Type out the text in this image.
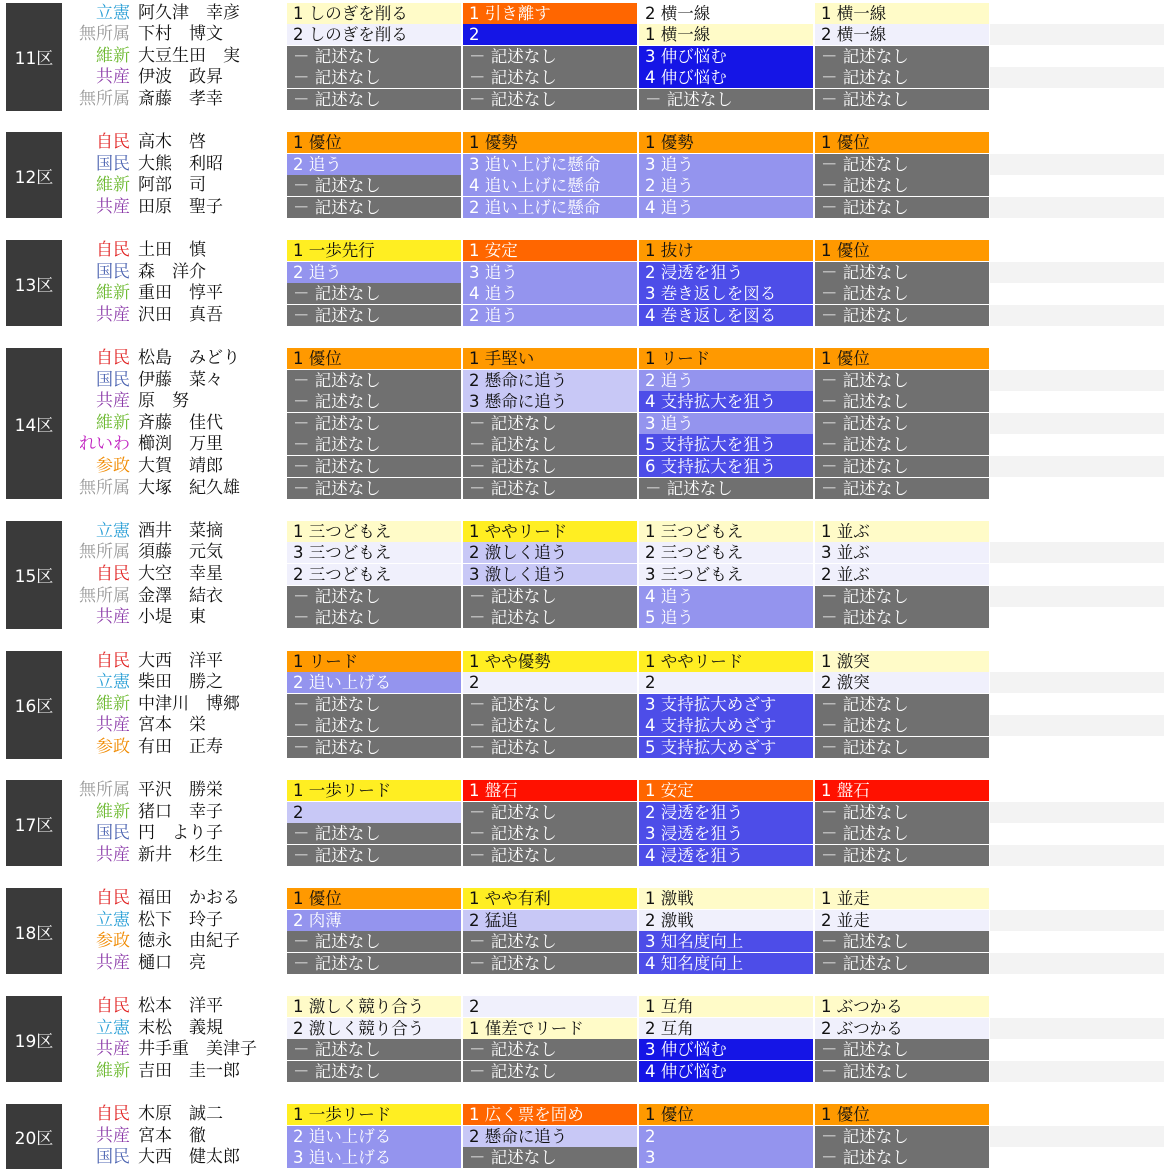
11区
立憲 阿久津　幸彦	1 しのぎを削る	1 引き離す	2 横一線	1 横一線
無所属 下村　博文	2 しのぎを削る	2	1 横一線	2 横一線
維新 大豆生田　実	－ 記述なし	－ 記述なし	3 伸び悩む	－ 記述なし
共産 伊波　政昇	－ 記述なし	－ 記述なし	4 伸び悩む	－ 記述なし
無所属 斎藤　孝幸	－ 記述なし	－ 記述なし	－ 記述なし	－ 記述なし
12区
自民 高木　啓	1 優位	1 優勢	1 優勢	1 優位
国民 大熊　利昭	2 追う	3 追い上げに懸命	3 追う	－ 記述なし
維新 阿部　司	－ 記述なし	4 追い上げに懸命	2 追う	－ 記述なし
共産 田原　聖子	－ 記述なし	2 追い上げに懸命	4 追う	－ 記述なし
13区
自民 土田　慎	1 一歩先行	1 安定	1 抜け	1 優位
国民 森　洋介	2 追う	3 追う	2 浸透を狙う	－ 記述なし
維新 重田　惇平	－ 記述なし	4 追う	3 巻き返しを図る	－ 記述なし
共産 沢田　真吾	－ 記述なし	2 追う	4 巻き返しを図る	－ 記述なし
14区
自民 松島　みどり	1 優位	1 手堅い	1 リード	1 優位
国民 伊藤　菜々	－ 記述なし	2 懸命に追う	2 追う	－ 記述なし
共産 原　努	－ 記述なし	3 懸命に追う	4 支持拡大を狙う	－ 記述なし
維新 斉藤　佳代	－ 記述なし	－ 記述なし	3 追う	－ 記述なし
れいわ 櫛渕　万里	－ 記述なし	－ 記述なし	5 支持拡大を狙う	－ 記述なし
参政 大賀　靖郎	－ 記述なし	－ 記述なし	6 支持拡大を狙う	－ 記述なし
無所属 大塚　紀久雄	－ 記述なし	－ 記述なし	－ 記述なし	－ 記述なし
15区
立憲 酒井　菜摘	1 三つどもえ	1 ややリード	1 三つどもえ	1 並ぶ
無所属 須藤　元気	3 三つどもえ	2 激しく追う	2 三つどもえ	3 並ぶ
自民 大空　幸星	2 三つどもえ	3 激しく追う	3 三つどもえ	2 並ぶ
無所属 金澤　結衣	－ 記述なし	－ 記述なし	4 追う	－ 記述なし
共産 小堤　東	－ 記述なし	－ 記述なし	5 追う	－ 記述なし
16区
自民 大西　洋平	1 リード	1 やや優勢	1 ややリード	1 激突
立憲 柴田　勝之	2 追い上げる	2	2	2 激突
維新 中津川　博郷	－ 記述なし	－ 記述なし	3 支持拡大めざす	－ 記述なし
共産 宮本　栄	－ 記述なし	－ 記述なし	4 支持拡大めざす	－ 記述なし
参政 有田　正寿	－ 記述なし	－ 記述なし	5 支持拡大めざす	－ 記述なし
17区
無所属 平沢　勝栄	1 一歩リード	1 盤石	1 安定	1 盤石
維新 猪口　幸子	2	－ 記述なし	2 浸透を狙う	－ 記述なし
国民 円　より子	－ 記述なし	－ 記述なし	3 浸透を狙う	－ 記述なし
共産 新井　杉生	－ 記述なし	－ 記述なし	4 浸透を狙う	－ 記述なし
18区
自民 福田　かおる	1 優位	1 やや有利	1 激戦	1 並走
立憲 松下　玲子	2 肉薄	2 猛追	2 激戦	2 並走
参政 徳永　由紀子	－ 記述なし	－ 記述なし	3 知名度向上	－ 記述なし
共産 樋口　亮	－ 記述なし	－ 記述なし	4 知名度向上	－ 記述なし
19区
自民 松本　洋平	1 激しく競り合う	2	1 互角	1 ぶつかる
立憲 末松　義規	2 激しく競り合う	1 僅差でリード	2 互角	2 ぶつかる
共産 井手重　美津子	－ 記述なし	－ 記述なし	3 伸び悩む	－ 記述なし
維新 吉田　圭一郎	－ 記述なし	－ 記述なし	4 伸び悩む	－ 記述なし
20区
自民 木原　誠二	1 一歩リード	1 広く票を固め	1 優位	1 優位
共産 宮本　徹	2 追い上げる	2 懸命に追う	2	－ 記述なし
国民 大西　健太郎	3 追い上げる	－ 記述なし	3	－ 記述なし
